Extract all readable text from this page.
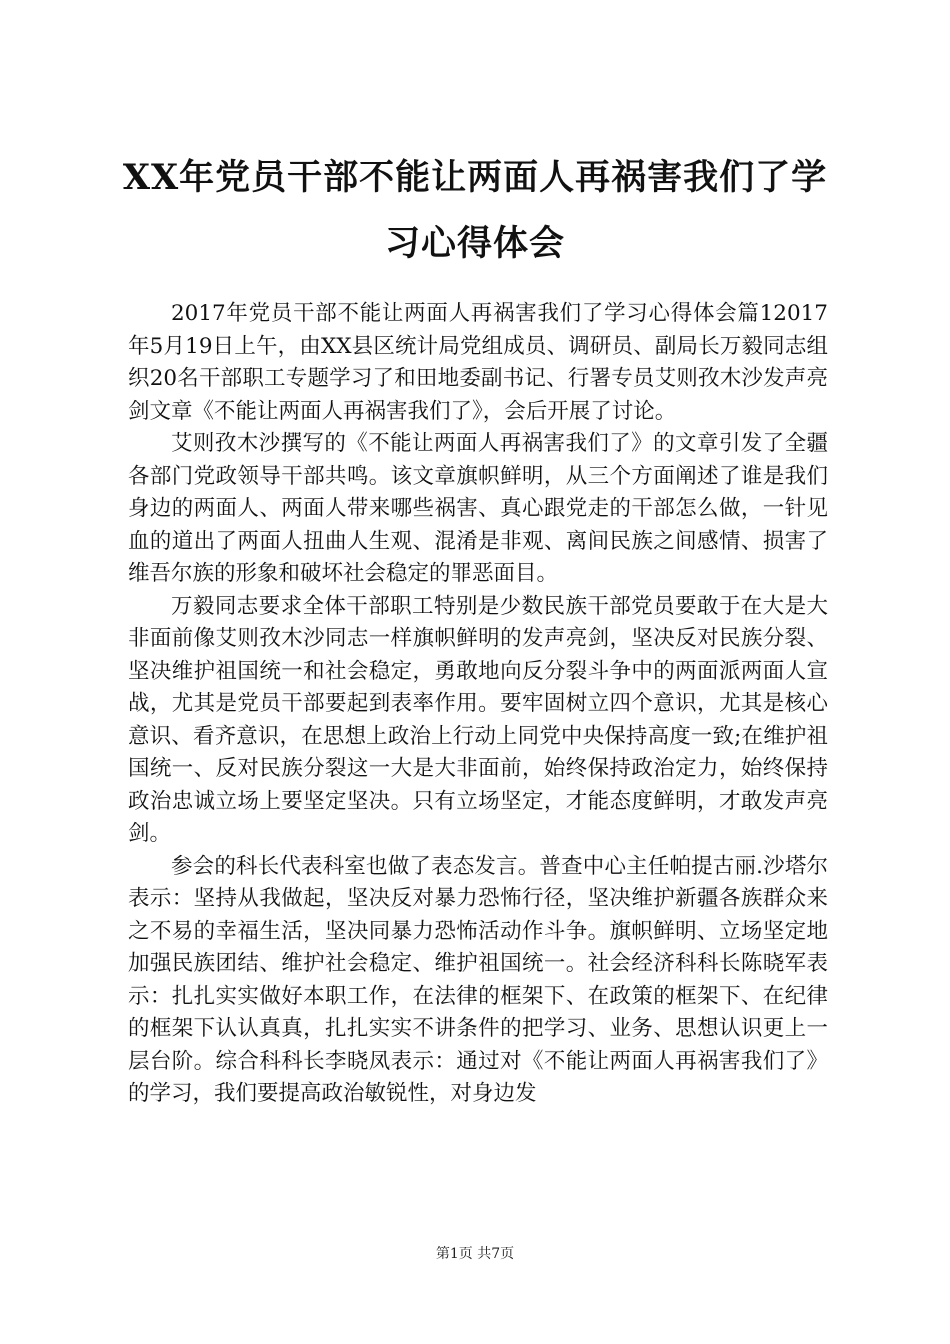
XX年党员干部不能让两面人再祸害我们了学
习心得体会

2017年党员干部不能让两面人再祸害我们了学习心得体会篇12017年5月19日上午，由XX县区统计局党组成员、调研员、副局长万毅同志组织20名干部职工专题学习了和田地委副书记、行署专员艾则孜木沙发声亮剑文章《不能让两面人再祸害我们了》，会后开展了讨论。

艾则孜木沙撰写的《不能让两面人再祸害我们了》的文章引发了全疆各部门党政领导干部共鸣。该文章旗帜鲜明，从三个方面阐述了谁是我们身边的两面人、两面人带来哪些祸害、真心跟党走的干部怎么做，一针见血的道出了两面人扭曲人生观、混淆是非观、离间民族之间感情、损害了维吾尔族的形象和破坏社会稳定的罪恶面目。

万毅同志要求全体干部职工特别是少数民族干部党员要敢于在大是大非面前像艾则孜木沙同志一样旗帜鲜明的发声亮剑，坚决反对民族分裂、坚决维护祖国统一和社会稳定，勇敢地向反分裂斗争中的两面派两面人宣战，尤其是党员干部要起到表率作用。要牢固树立四个意识，尤其是核心意识、看齐意识，在思想上政治上行动上同党中央保持高度一致;在维护祖国统一、反对民族分裂这一大是大非面前，始终保持政治定力，始终保持政治忠诚立场上要坚定坚决。只有立场坚定，才能态度鲜明，才敢发声亮剑。

参会的科长代表科室也做了表态发言。普查中心主任帕提古丽.沙塔尔表示：坚持从我做起，坚决反对暴力恐怖行径，坚决维护新疆各族群众来之不易的幸福生活，坚决同暴力恐怖活动作斗争。旗帜鲜明、立场坚定地加强民族团结、维护社会稳定、维护祖国统一。社会经济科科长陈晓军表示：扎扎实实做好本职工作，在法律的框架下、在政策的框架下、在纪律的框架下认认真真，扎扎实实不讲条件的把学习、业务、思想认识更上一层台阶。综合科科长李晓凤表示：通过对《不能让两面人再祸害我们了》的学习，我们要提高政治敏锐性，对身边发

第1页 共7页
